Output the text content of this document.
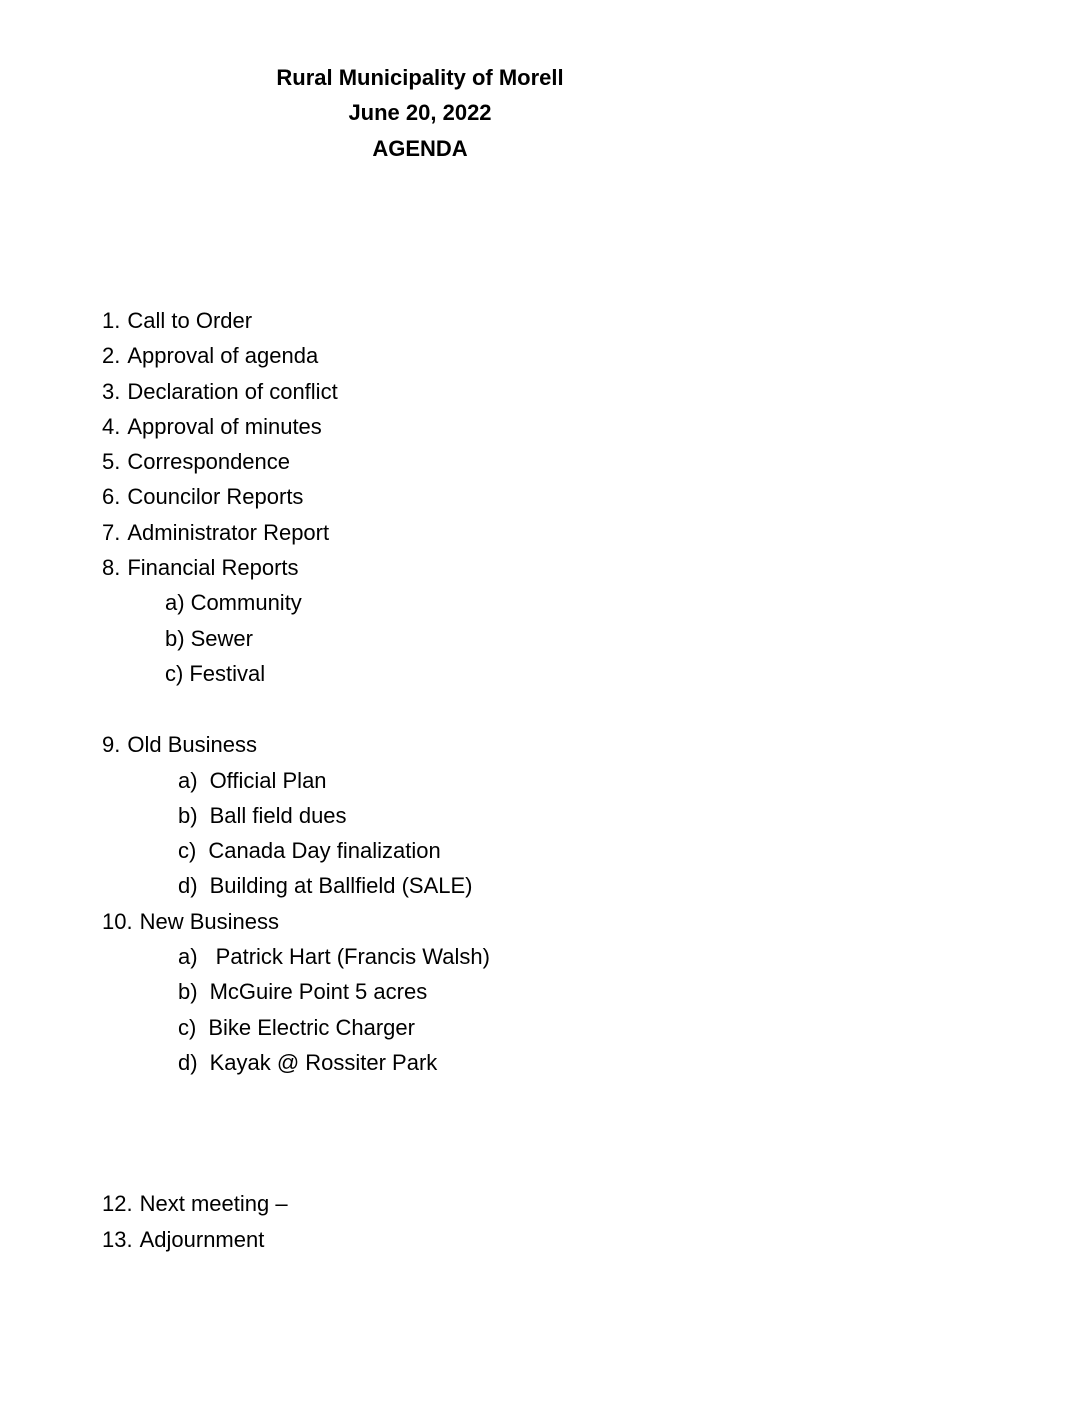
Rural Municipality of Morell
June 20, 2022
AGENDA
1. Call to Order
2. Approval of agenda
3. Declaration of conflict
4. Approval of minutes
5. Correspondence
6. Councilor Reports
7. Administrator Report
8. Financial Reports
a) Community
b) Sewer
c) Festival
9. Old Business
a) Official Plan
b) Ball field dues
c) Canada Day finalization
d) Building at Ballfield (SALE)
10. New Business
a) Patrick Hart (Francis Walsh)
b) McGuire Point 5 acres
c) Bike Electric Charger
d) Kayak @ Rossiter Park
12. Next meeting –
13. Adjournment
